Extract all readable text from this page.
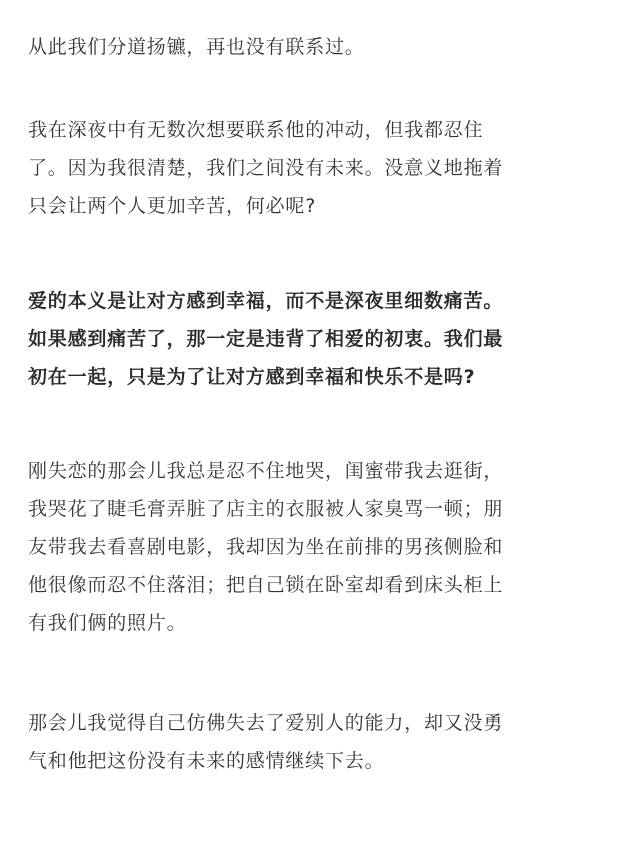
从此我们分道扬镳，再也没有联系过。

我在深夜中有无数次想要联系他的冲动，但我都忍住
了。因为我很清楚，我们之间没有未来。没意义地拖着
只会让两个人更加辛苦，何必呢?

爱的本义是让对方感到幸福，而不是深夜里细数痛苦。
如果感到痛苦了，那一定是违背了相爱的初衷。我们最
初在一起，只是为了让对方感到幸福和快乐不是吗?

刚失恋的那会儿我总是忍不住地哭，闺蜜带我去逛街，
我哭花了睫毛膏弄脏了店主的衣服被人家臭骂一顿；朋
友带我去看喜剧电影，我却因为坐在前排的男孩侧脸和
他很像而忍不住落泪；把自己锁在卧室却看到床头柜上
有我们俩的照片。

那会儿我觉得自己仿佛失去了爱别人的能力，却又没勇
气和他把这份没有未来的感情继续下去。
